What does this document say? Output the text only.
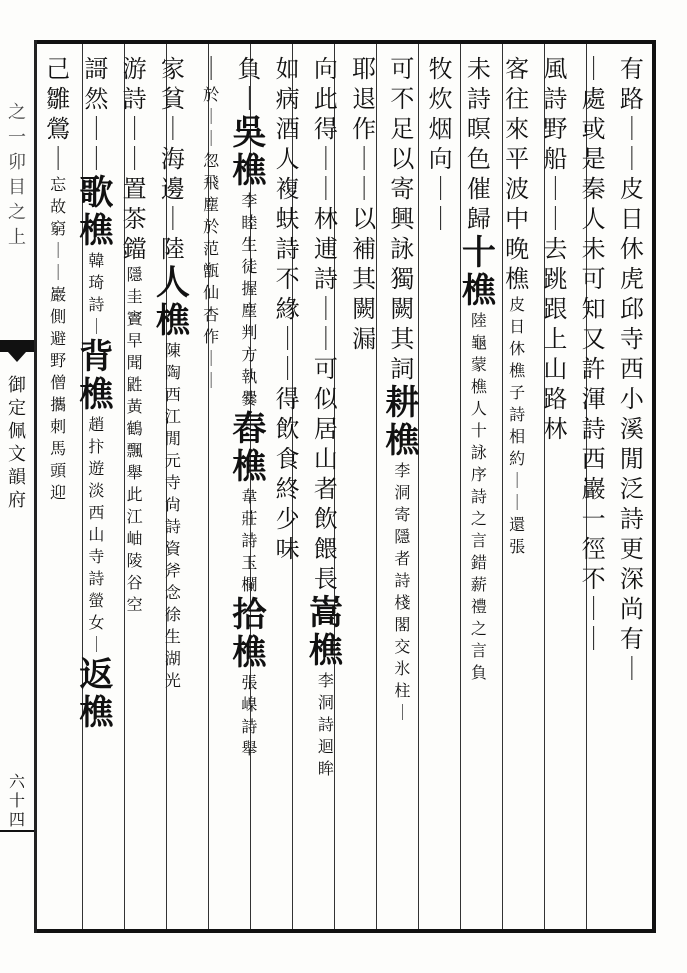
之一卯目之上
御定佩文韻府
六十四
有
路
｜
｜
皮
日
休
虎
邱
寺
西
小
溪
閒
泛
詩
更
深
尚
有
｜
｜
處
或
是
秦
人
未
可
知
又
許
渾
詩
西
巖
一
徑
不
｜
｜
風
詩
野
船
｜
｜
去
跳
跟
上
山
路
林
客
往
來
平
波
中
晚
樵
皮
日
休
樵
子
詩
相
約
｜
｜
還
張
未
詩
暝
色
催
歸
十
樵
陸
龜
蒙
樵
人
十
詠
序
詩
之
言
錯
薪
禮
之
言
負
牧
炊
烟
向
｜
｜
可
不
足
以
寄
興
詠
獨
闕
其
詞
耕
樵
李
洞
寄
隱
者
詩
棧
閣
交
氷
柱
｜
耶
退
作
｜
｜
以
補
其
闕
漏
向
此
得
｜
｜
林
逋
詩
｜
｜
可
似
居
山
者
飲
餵
長
嵩
樵
李
洞
詩
迴
眸
如
病
酒
人
複
蚨
詩
不
緣
｜
｜
得
飲
食
終
少
味
負
｜
吳
樵
李
睦
生
徒
握
塵
判
方
執
爨
舂
樵
韋
莊
詩
玉
欄
拾
樵
張
嵲
詩
舉
｜
於
｜
｜
忽
飛
塵
於
范
甑
仙
杏
作
｜
｜
家
貧
｜
海
邊
｜
陸
人
樵
陳
陶
西
江
閒
元
寺
尙
詩
資
斧
念
徐
生
湖
光
游
詩
｜
｜
置
茶
鐺
隱
圭
竇
早
聞
鼪
黃
鶴
飄
舉
此
江
岫
陵
谷
空
謌
然
｜
｜
歌
樵
韓
琦
詩
｜
背
樵
趙
抃
遊
淡
西
山
寺
詩
螢
女
｜
返
樵
己
雛
鶯
｜
忘
故
窮
｜
｜
巖
側
避
野
僧
攜
刺
馬
頭
迎
